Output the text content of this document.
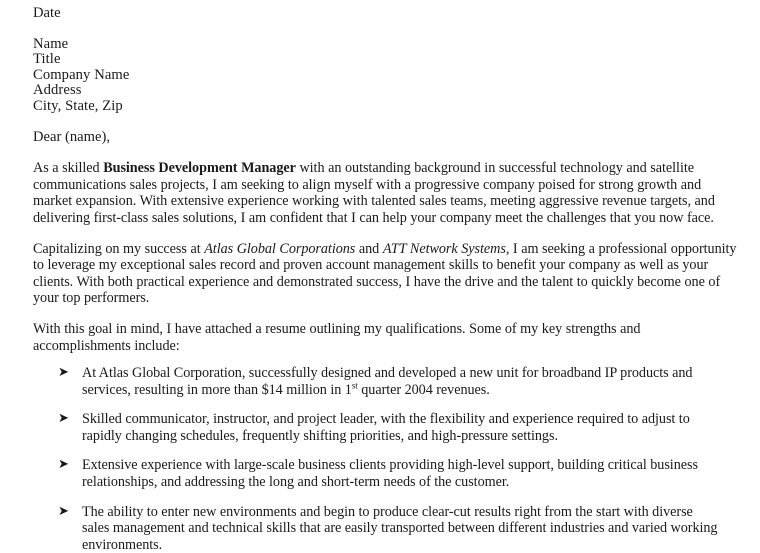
Date
Name
Title
Company Name
Address
City, State, Zip
Dear (name),

As a skilled Business Development Manager with an outstanding background in successful technology and satellite communications sales projects, I am seeking to align myself with a progressive company poised for strong growth and market expansion. With extensive experience working with talented sales teams, meeting aggressive revenue targets, and delivering first-class sales solutions, I am confident that I can help your company meet the challenges that you now face.

Capitalizing on my success at Atlas Global Corporations and ATT Network Systems, I am seeking a professional opportunity to leverage my exceptional sales record and proven account management skills to benefit your company as well as your clients. With both practical experience and demonstrated success, I have the drive and the talent to quickly become one of your top performers.

With this goal in mind, I have attached a resume outlining my qualifications. Some of my key strengths and accomplishments include:

➤ At Atlas Global Corporation, successfully designed and developed a new unit for broadband IP products and services, resulting in more than $14 million in 1st quarter 2004 revenues.
➤ Skilled communicator, instructor, and project leader, with the flexibility and experience required to adjust to rapidly changing schedules, frequently shifting priorities, and high-pressure settings.
➤ Extensive experience with large-scale business clients providing high-level support, building critical business relationships, and addressing the long and short-term needs of the customer.
➤ The ability to enter new environments and begin to produce clear-cut results right from the start with diverse sales management and technical skills that are easily transported between different industries and varied working environments.
